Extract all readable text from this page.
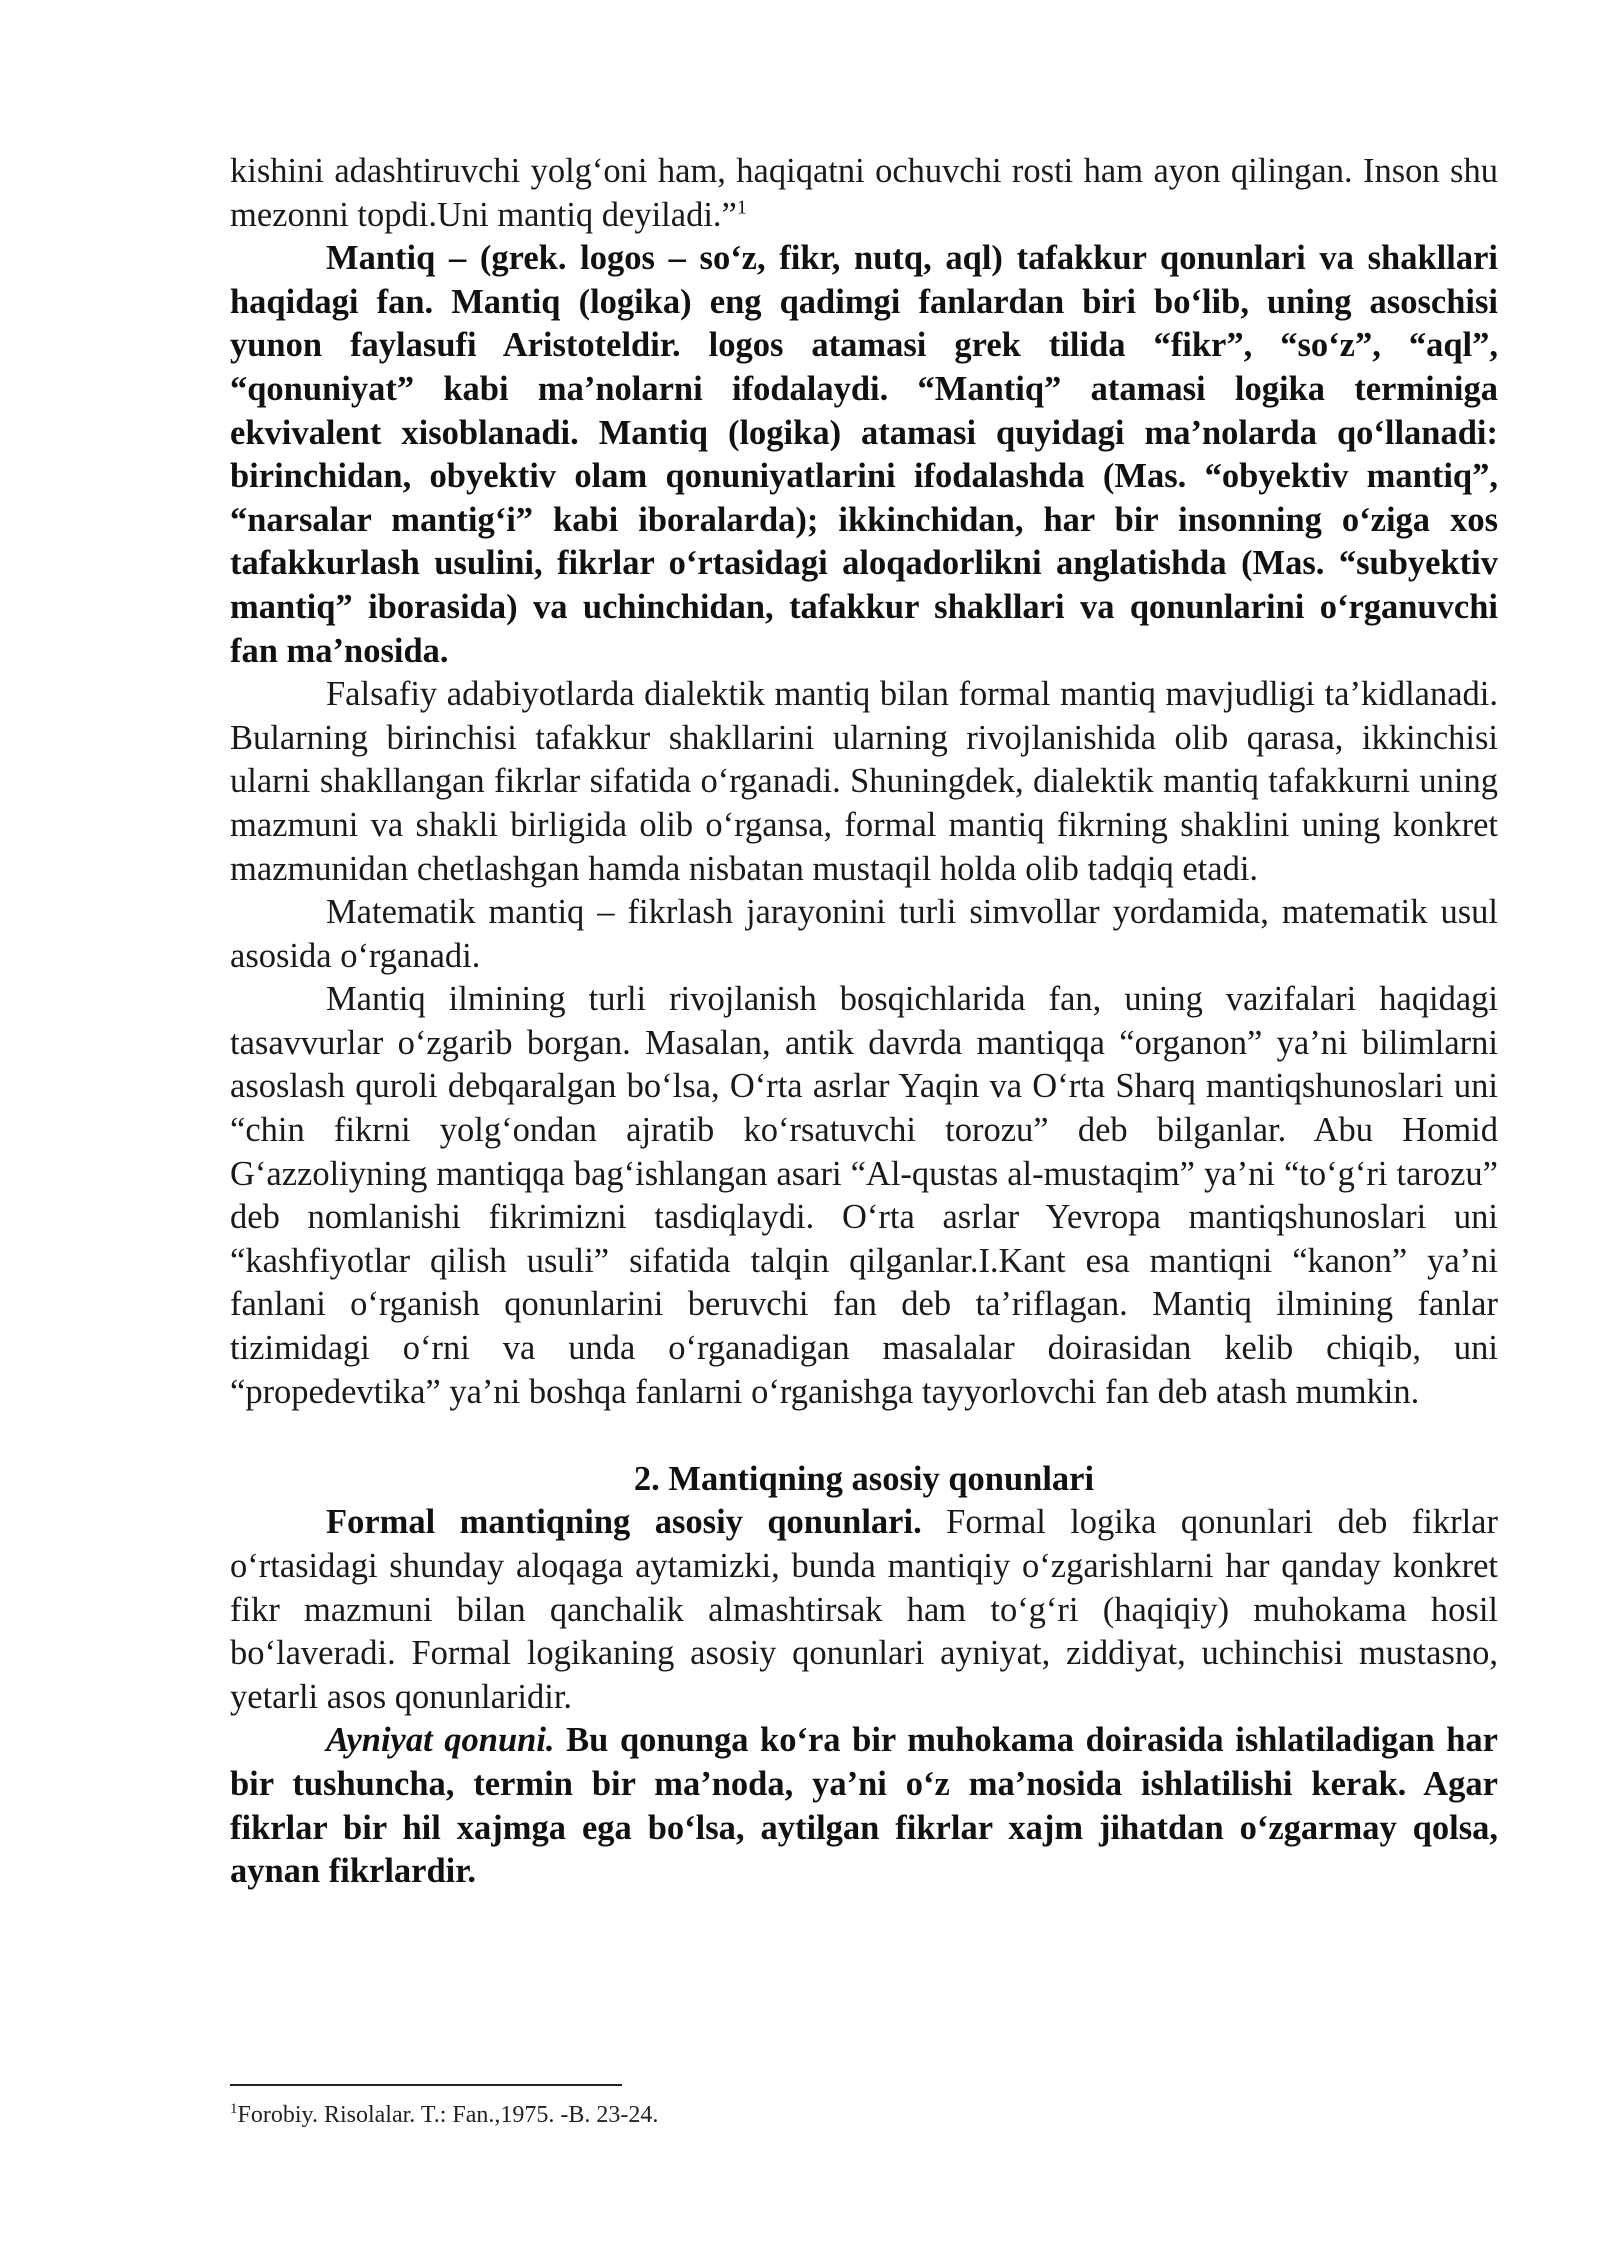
kishini adashtiruvchi yolg‘oni ham, haqiqatni ochuvchi rosti ham ayon qilingan. Inson shu mezonni topdi.Uni mantiq deyiladi.”$^1$

Mantiq – (grek. logos – so‘z, fikr, nutq, aql) tafakkur qonunlari va shakllari haqidagi fan. Mantiq (logika) eng qadimgi fanlardan biri bo‘lib, uning asoschisi yunon faylasufi Aristoteldir. logos atamasi grek tilida “fikr”, “so‘z”, “aql”, “qonuniyat” kabi ma’nolarni ifodalaydi. “Mantiq” atamasi logika terminiga ekvivalent xisoblanadi. Mantiq (logika) atamasi quyidagi ma’nolarda qo‘llanadi: birinchidan, obyektiv olam qonuniyatlarini ifodalashda (Mas. “obyektiv mantiq”, “narsalar mantig‘i” kabi iboralarda); ikkinchidan, har bir insonning o‘ziga xos tafakkurlash usulini, fikrlar o‘rtasidagi aloqadorlikni anglatishda (Mas. “subyektiv mantiq” iborasida) va uchinchidan, tafakkur shakllari va qonunlarini o‘rganuvchi fan ma’nosida.

Falsafiy adabiyotlarda dialektik mantiq bilan formal mantiq mavjudligi ta’kidlanadi. Bularning birinchisi tafakkur shakllarini ularning rivojlanishida olib qarasa, ikkinchisi ularni shakllangan fikrlar sifatida o‘rganadi. Shuningdek, dialektik mantiq tafakkurni uning mazmuni va shakli birligida olib o‘rgansa, formal mantiq fikrning shaklini uning konkret mazmunidan chetlashgan hamda nisbatan mustaqil holda olib tadqiq etadi.

Matematik mantiq – fikrlash jarayonini turli simvollar yordamida, matematik usul asosida o‘rganadi.

Mantiq ilmining turli rivojlanish bosqichlarida fan, uning vazifalari haqidagi tasavvurlar o‘zgarib borgan. Masalan, antik davrda mantiqqa “organon” ya’ni bilimlarni asoslash quroli debqaralgan bo‘lsa, O‘rta asrlar Yaqin va O‘rta Sharq mantiqshunoslari uni “chin fikrni yolg‘ondan ajratib ko‘rsatuvchi torozu” deb bilganlar. Abu Homid G‘azzoliyning mantiqqa bag‘ishlangan asari “Al-qustas al-mustaqim” ya’ni “to‘g‘ri tarozu” deb nomlanishi fikrimizni tasdiqlaydi. O‘rta asrlar Yevropa mantiqshunoslari uni “kashfiyotlar qilish usuli” sifatida talqin qilganlar.I.Kant esa mantiqni “kanon” ya’ni fanlani o‘rganish qonunlarini beruvchi fan deb ta’riflagan. Mantiq ilmining fanlar tizimidagi o‘rni va unda o‘rganadigan masalalar doirasidan kelib chiqib, uni “propedevtika” ya’ni boshqa fanlarni o‘rganishga tayyorlovchi fan deb atash mumkin.

2. Mantiqning asosiy qonunlari

Formal mantiqning asosiy qonunlari. Formal logika qonunlari deb fikrlar o‘rtasidagi shunday aloqaga aytamizki, bunda mantiqiy o‘zgarishlarni har qanday konkret fikr mazmuni bilan qanchalik almashtirsak ham to‘g‘ri (haqiqiy) muhokama hosil bo‘laveradi. Formal logikaning asosiy qonunlari ayniyat, ziddiyat, uchinchisi mustasno, yetarli asos qonunlaridir.

Ayniyat qonuni. Bu qonunga ko‘ra bir muhokama doirasida ishlatiladigan har bir tushuncha, termin bir ma’noda, ya’ni o‘z ma’nosida ishlatilishi kerak. Agar fikrlar bir hil xajmga ega bo‘lsa, aytilgan fikrlar xajm jihatdan o‘zgarmay qolsa, aynan fikrlardir.

$^1$Forobiy. Risolalar. T.: Fan.,1975. -B. 23-24.
